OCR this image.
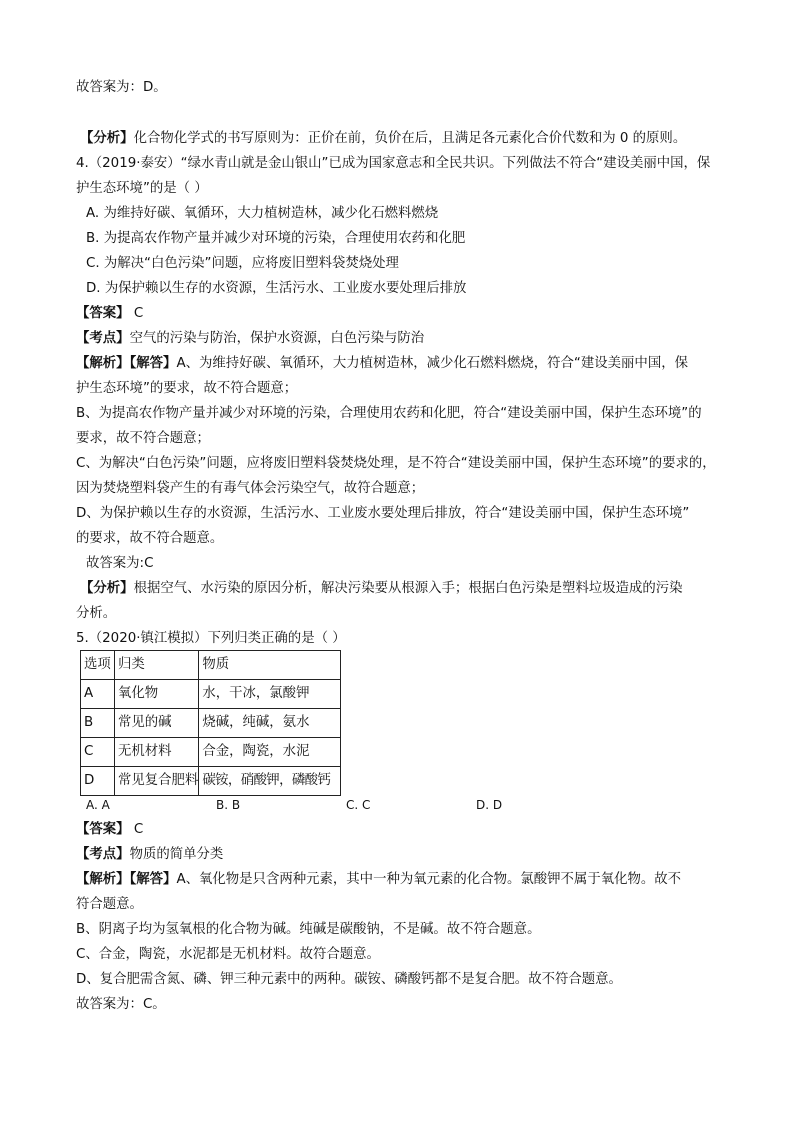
故答案为：D。
【分析】化合物化学式的书写原则为：正价在前，负价在后，且满足各元素化合价代数和为 0 的原则。
4.（2019·泰安）“绿水青山就是金山银山”已成为国家意志和全民共识。下列做法不符合“建设美丽中国，保
护生态环境”的是（ ）
A. 为维持好碳、氧循环，大力植树造林，减少化石燃料燃烧
B. 为提高农作物产量并减少对环境的污染，合理使用农药和化肥
C. 为解决“白色污染”问题，应将废旧塑料袋焚烧处理
D. 为保护赖以生存的水资源，生活污水、工业废水要处理后排放
【答案】 C
【考点】空气的污染与防治，保护水资源，白色污染与防治
【解析】【解答】A、为维持好碳、氧循环，大力植树造林，减少化石燃料燃烧，符合“建设美丽中国，保
护生态环境”的要求，故不符合题意；
B、为提高农作物产量并减少对环境的污染，合理使用农药和化肥，符合“建设美丽中国，保护生态环境”的
要求，故不符合题意；
C、为解决“白色污染”问题，应将废旧塑料袋焚烧处理，是不符合“建设美丽中国，保护生态环境”的要求的，
因为焚烧塑料袋产生的有毒气体会污染空气，故符合题意；
D、为保护赖以生存的水资源，生活污水、工业废水要处理后排放，符合“建设美丽中国，保护生态环境”
的要求，故不符合题意。
故答案为:C
【分析】根据空气、水污染的原因分析，解决污染要从根源入手；根据白色污染是塑料垃圾造成的污染
分析。
5.（2020·镇江模拟）下列归类正确的是（ ）
选项	归类	物质
A	氧化物	水，干冰，氯酸钾
B	常见的碱	烧碱，纯碱，氨水
C	无机材料	合金，陶瓷，水泥
D	常见复合肥料	碳铵，硝酸钾，磷酸钙
A. A	B. B	C. C	D. D
【答案】 C
【考点】物质的简单分类
【解析】【解答】A、氧化物是只含两种元素，其中一种为氧元素的化合物。氯酸钾不属于氧化物。故不
符合题意。
B、阴离子均为氢氧根的化合物为碱。纯碱是碳酸钠，不是碱。故不符合题意。
C、合金，陶瓷，水泥都是无机材料。故符合题意。
D、复合肥需含氮、磷、钾三种元素中的两种。碳铵、磷酸钙都不是复合肥。故不符合题意。
故答案为：C。
